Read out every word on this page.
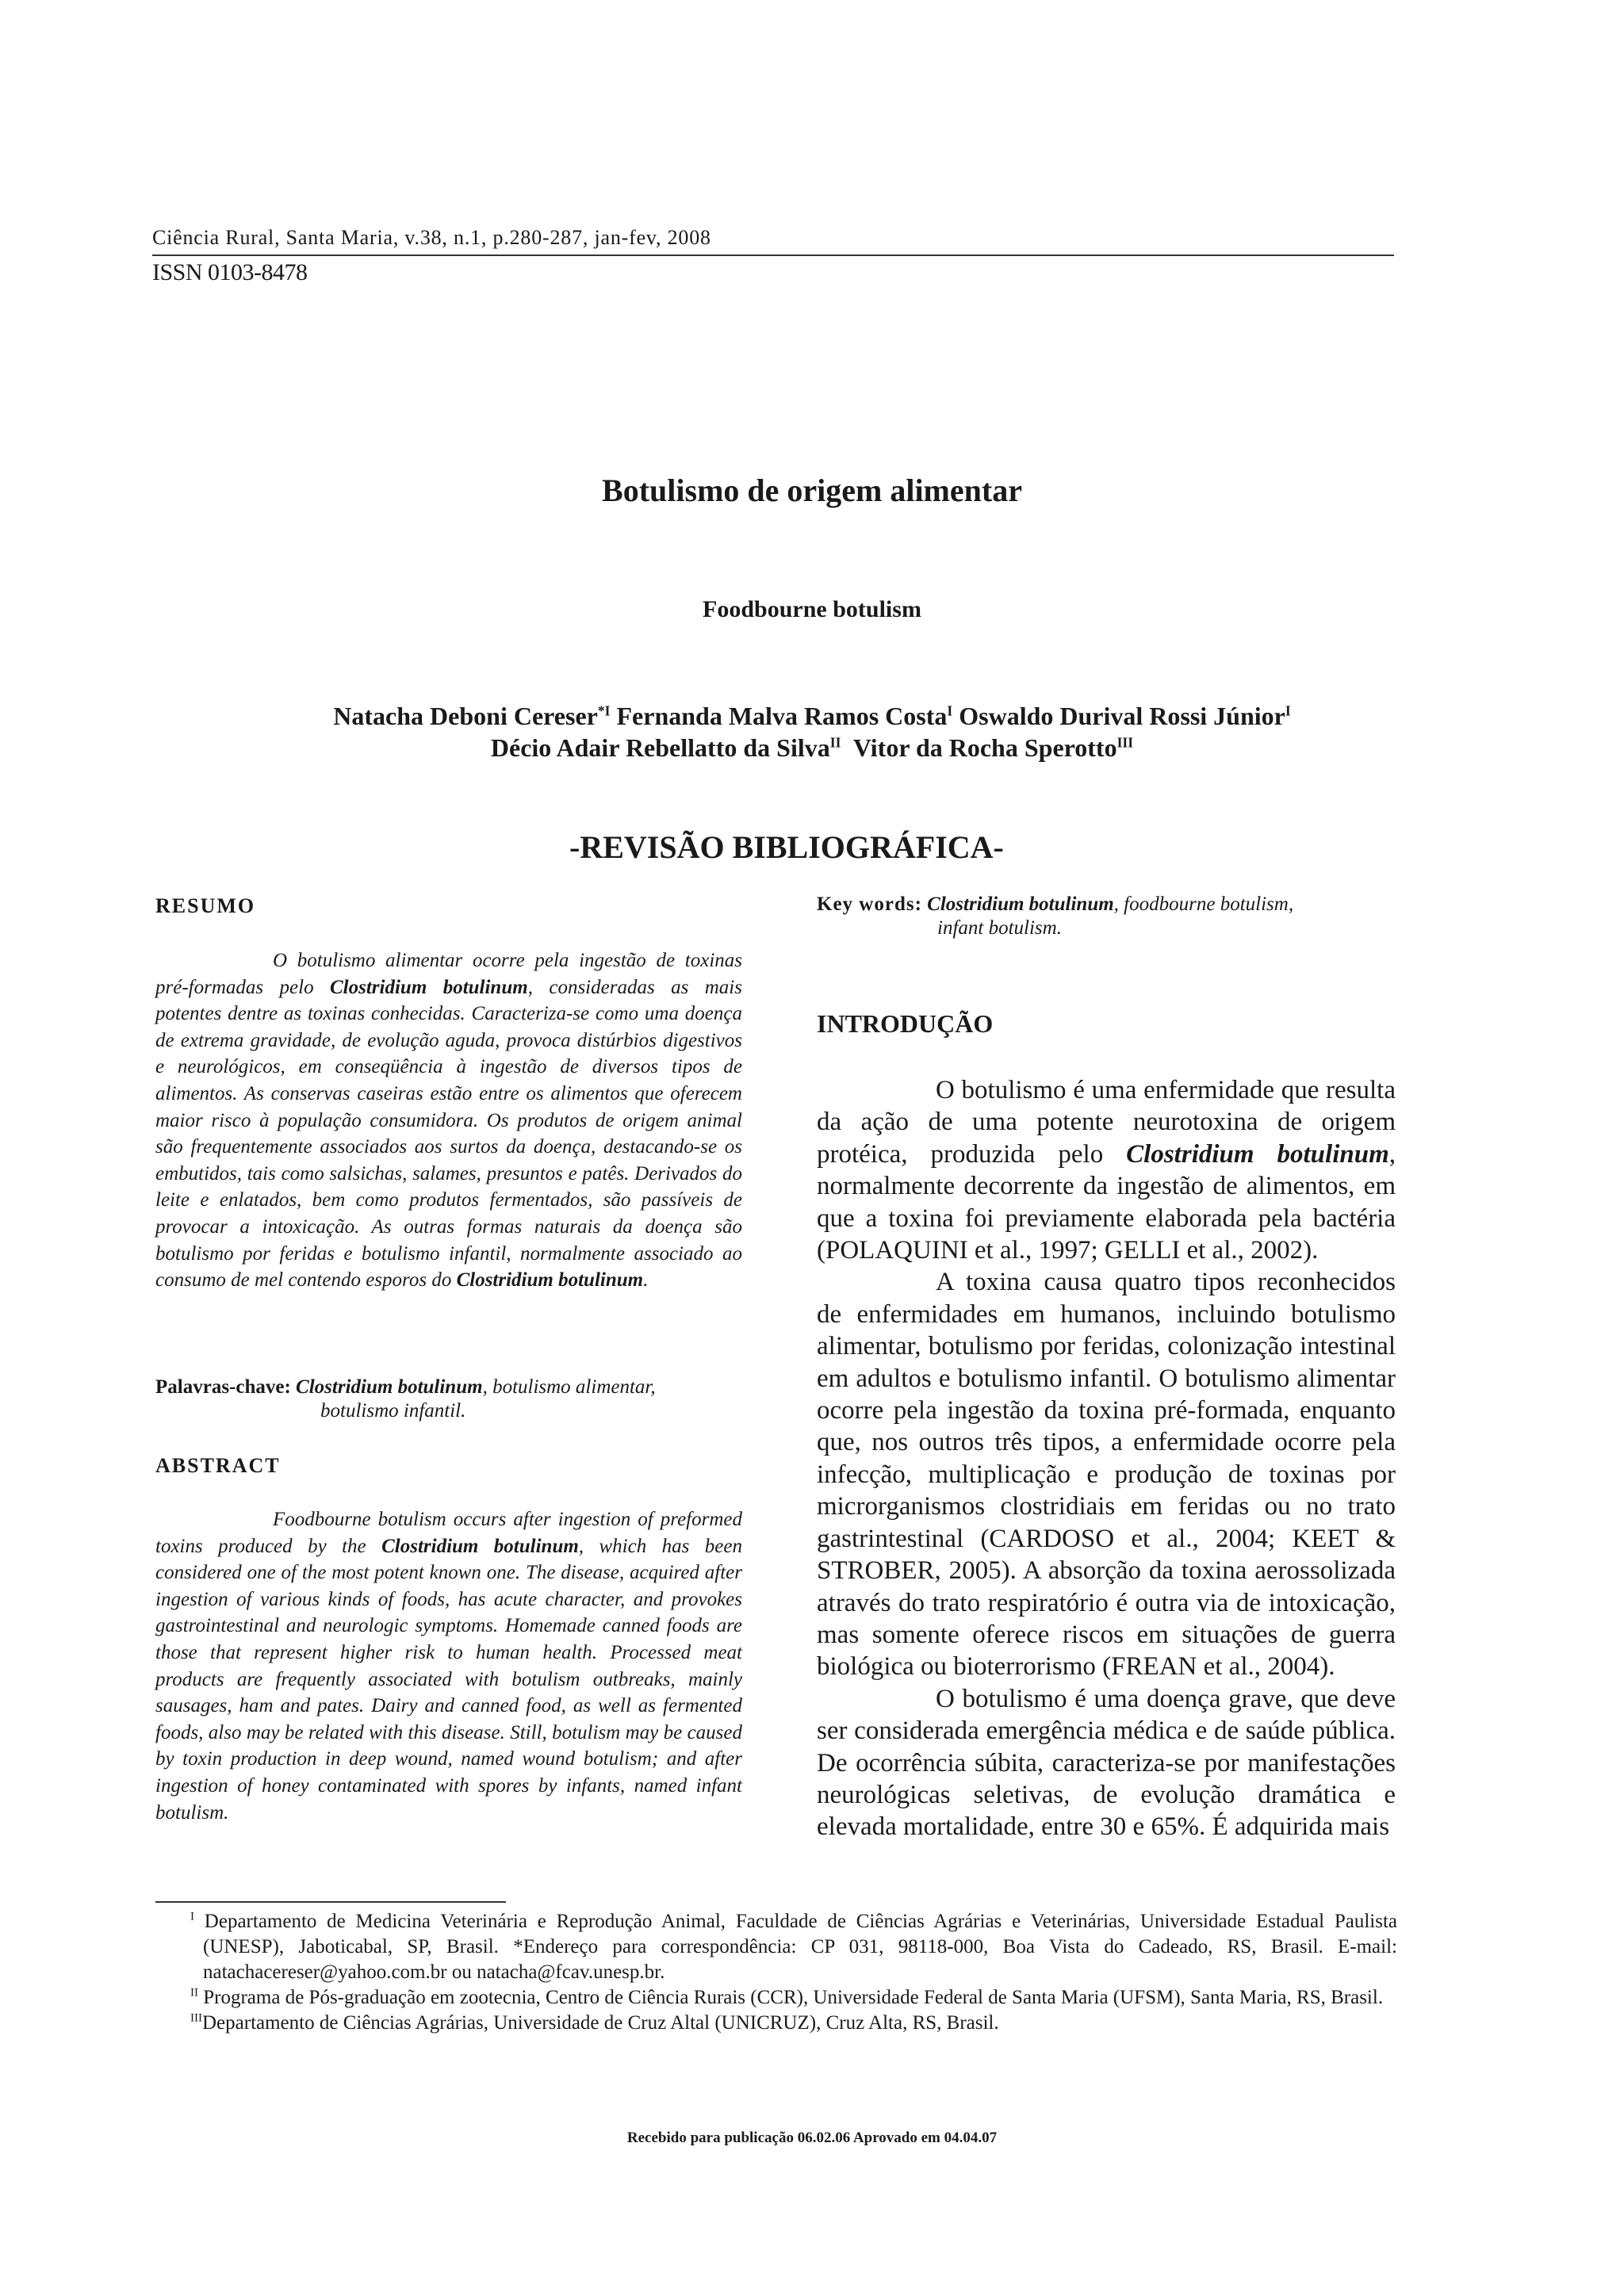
Ciência Rural, Santa Maria, v.38, n.1, p.280-287, jan-fev, 2008
ISSN 0103-8478
Botulismo de origem alimentar
Foodbourne botulism
Natacha Deboni Cereser$^{*I}$ Fernanda Malva Ramos Costa$^I$ Oswaldo Durival Rossi Júnior$^I$
Décio Adair Rebellatto da Silva$^{II}$ Vitor da Rocha Sperotto$^{III}$
-REVISÃO BIBLIOGRÁFICA-
RESUMO

O botulismo alimentar ocorre pela ingestão de toxinas pré-formadas pelo Clostridium botulinum, consideradas as mais potentes dentre as toxinas conhecidas. Caracteriza-se como uma doença de extrema gravidade, de evolução aguda, provoca distúrbios digestivos e neurológicos, em conseqüência à ingestão de diversos tipos de alimentos. As conservas caseiras estão entre os alimentos que oferecem maior risco à população consumidora. Os produtos de origem animal são frequentemente associados aos surtos da doença, destacando-se os embutidos, tais como salsichas, salames, presuntos e patês. Derivados do leite e enlatados, bem como produtos fermentados, são passíveis de provocar a intoxicação. As outras formas naturais da doença são botulismo por feridas e botulismo infantil, normalmente associado ao consumo de mel contendo esporos do Clostridium botulinum.

Palavras-chave: Clostridium botulinum, botulismo alimentar,
botulismo infantil.
ABSTRACT

Foodbourne botulism occurs after ingestion of preformed toxins produced by the Clostridium botulinum, which has been considered one of the most potent known one. The disease, acquired after ingestion of various kinds of foods, has acute character, and provokes gastrointestinal and neurologic symptoms. Homemade canned foods are those that represent higher risk to human health. Processed meat products are frequently associated with botulism outbreaks, mainly sausages, ham and pates. Dairy and canned food, as well as fermented foods, also may be related with this disease. Still, botulism may be caused by toxin production in deep wound, named wound botulism; and after ingestion of honey contaminated with spores by infants, named infant botulism.

Key words: Clostridium botulinum, foodbourne botulism,
infant botulism.
INTRODUÇÃO

O botulismo é uma enfermidade que resulta da ação de uma potente neurotoxina de origem protéica, produzida pelo Clostridium botulinum, normalmente decorrente da ingestão de alimentos, em que a toxina foi previamente elaborada pela bactéria (POLAQUINI et al., 1997; GELLI et al., 2002).

A toxina causa quatro tipos reconhecidos de enfermidades em humanos, incluindo botulismo alimentar, botulismo por feridas, colonização intestinal em adultos e botulismo infantil. O botulismo alimentar ocorre pela ingestão da toxina pré-formada, enquanto que, nos outros três tipos, a enfermidade ocorre pela infecção, multiplicação e produção de toxinas por microrganismos clostridiais em feridas ou no trato gastrintestinal (CARDOSO et al., 2004; KEET & STROBER, 2005). A absorção da toxina aerossolizada através do trato respiratório é outra via de intoxicação, mas somente oferece riscos em situações de guerra biológica ou bioterrorismo (FREAN et al., 2004).

O botulismo é uma doença grave, que deve ser considerada emergência médica e de saúde pública. De ocorrência súbita, caracteriza-se por manifestações neurológicas seletivas, de evolução dramática e elevada mortalidade, entre 30 e 65%. É adquirida mais

$^I$ Departamento de Medicina Veterinária e Reprodução Animal, Faculdade de Ciências Agrárias e Veterinárias, Universidade Estadual Paulista (UNESP), Jaboticabal, SP, Brasil. *Endereço para correspondência: CP 031, 98118-000, Boa Vista do Cadeado, RS, Brasil. E-mail: natachacereser@yahoo.com.br ou natacha@fcav.unesp.br.

$^{II}$ Programa de Pós-graduação em zootecnia, Centro de Ciência Rurais (CCR), Universidade Federal de Santa Maria (UFSM), Santa Maria, RS, Brasil.

$^{III}$Departamento de Ciências Agrárias, Universidade de Cruz Altal (UNICRUZ), Cruz Alta, RS, Brasil.

Recebido para publicação 06.02.06 Aprovado em 04.04.07
